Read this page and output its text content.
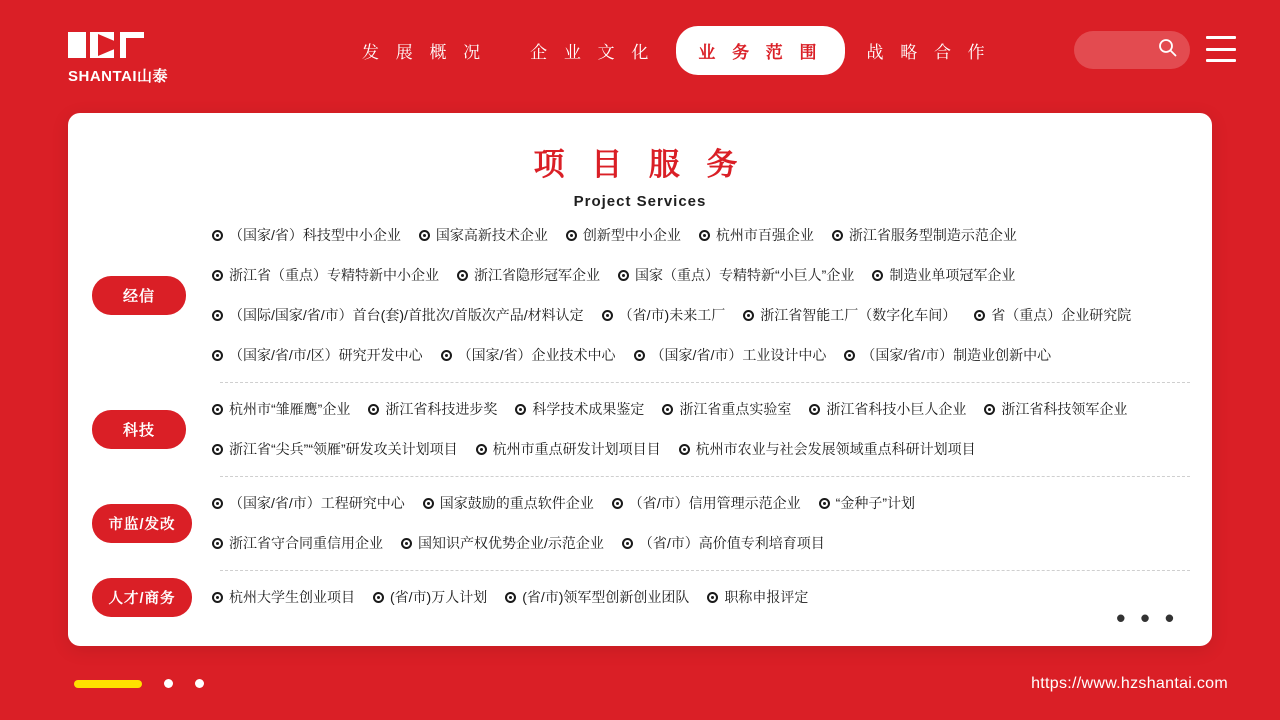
SHANTAI山泰
发 展 概 况	企 业 文 化	业 务 范 围	战 略 合 作
项 目 服 务
Project Services
经信
（国家/省）科技型中小企业	国家高新技术企业	创新型中小企业	杭州市百强企业	浙江省服务型制造示范企业
浙江省（重点）专精特新中小企业	浙江省隐形冠军企业	国家（重点）专精特新“小巨人”企业	制造业单项冠军企业
（国际/国家/省/市）首台(套)/首批次/首版次产品/材料认定	（省/市)未来工厂	浙江省智能工厂（数字化车间）	省（重点）企业研究院
（国家/省/市/区）研究开发中心	（国家/省）企业技术中心	（国家/省/市）工业设计中心	（国家/省/市）制造业创新中心
科技
杭州市“雏雁鹰”企业	浙江省科技进步奖	科学技术成果鉴定	浙江省重点实验室	浙江省科技小巨人企业	浙江省科技领军企业
浙江省“尖兵”“领雁”研发攻关计划项目	杭州市重点研发计划项目目	杭州市农业与社会发展领域重点科研计划项目
市监/发改
（国家/省/市）工程研究中心	国家鼓励的重点软件企业	（省/市）信用管理示范企业	“金种子”计划
浙江省守合同重信用企业	国知识产权优势企业/示范企业	（省/市）高价值专利培育项目
人才/商务	杭州大学生创业项目	(省/市)万人计划	(省/市)领军型创新创业团队	职称申报评定
• • •
https://www.hzshantai.com
